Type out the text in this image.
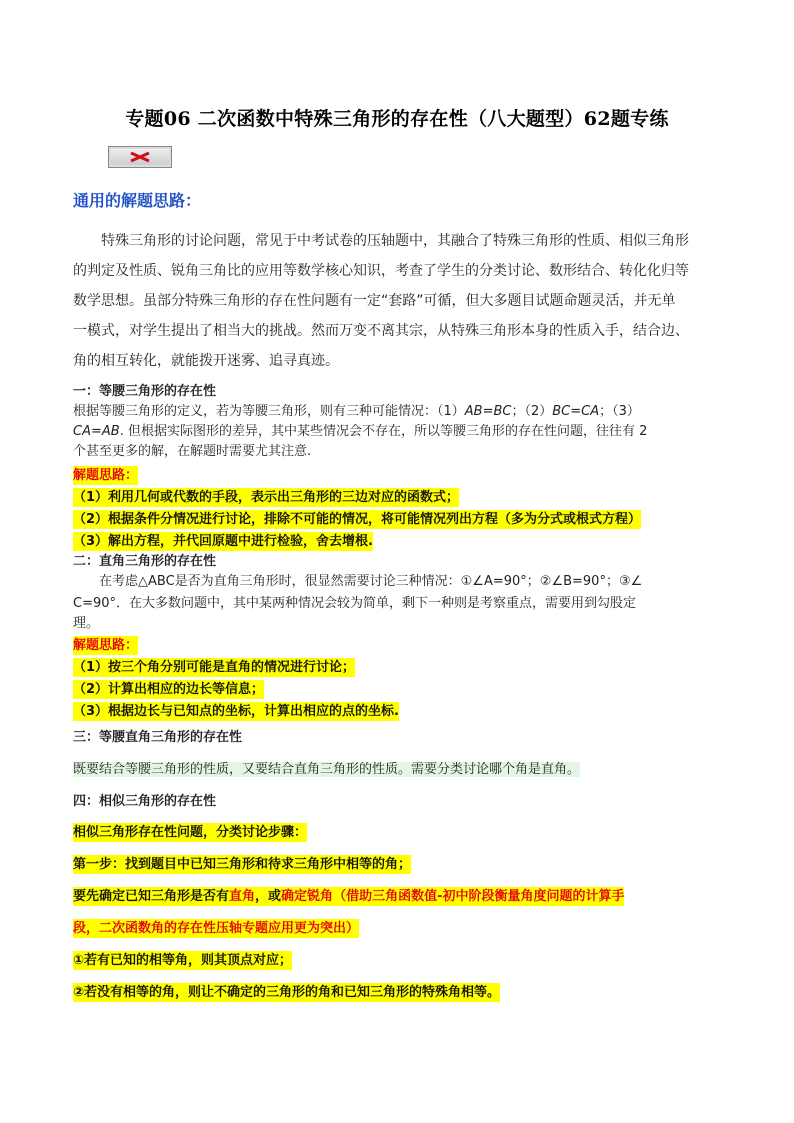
专题06 二次函数中特殊三角形的存在性（八大题型）62题专练
通用的解题思路：
特殊三角形的讨论问题，常见于中考试卷的压轴题中，其融合了特殊三角形的性质、相似三角形
的判定及性质、锐角三角比的应用等数学核心知识，考查了学生的分类讨论、数形结合、转化化归等
数学思想。虽部分特殊三角形的存在性问题有一定“套路”可循，但大多题目试题命题灵活，并无单
一模式，对学生提出了相当大的挑战。然而万变不离其宗，从特殊三角形本身的性质入手，结合边、
角的相互转化，就能拨开迷雾、追寻真迹。
一：等腰三角形的存在性
根据等腰三角形的定义，若为等腰三角形，则有三种可能情况：（1）AB=BC；（2）BC=CA；（3）
CA=AB. 但根据实际图形的差异，其中某些情况会不存在，所以等腰三角形的存在性问题，往往有 2
个甚至更多的解，在解题时需要尤其注意.
解题思路：
（1）利用几何或代数的手段，表示出三角形的三边对应的函数式；
（2）根据条件分情况进行讨论，排除不可能的情况，将可能情况列出方程（多为分式或根式方程）
（3）解出方程，并代回原题中进行检验，舍去增根.
二：直角三角形的存在性
在考虑△ABC是否为直角三角形时，很显然需要讨论三种情况：①∠A=90°；②∠B=90°；③∠
C=90°．在大多数问题中，其中某两种情况会较为简单，剩下一种则是考察重点，需要用到勾股定
理。
解题思路：
（1）按三个角分别可能是直角的情况进行讨论；
（2）计算出相应的边长等信息；
（3）根据边长与已知点的坐标，计算出相应的点的坐标.
三：等腰直角三角形的存在性
既要结合等腰三角形的性质，又要结合直角三角形的性质。需要分类讨论哪个角是直角。
四：相似三角形的存在性
相似三角形存在性问题，分类讨论步骤：
第一步：找到题目中已知三角形和待求三角形中相等的角；
要先确定已知三角形是否有直角，或确定锐角（借助三角函数值-初中阶段衡量角度问题的计算手
段，二次函数角的存在性压轴专题应用更为突出）
①若有已知的相等角，则其顶点对应；
②若没有相等的角，则让不确定的三角形的角和已知三角形的特殊角相等。
